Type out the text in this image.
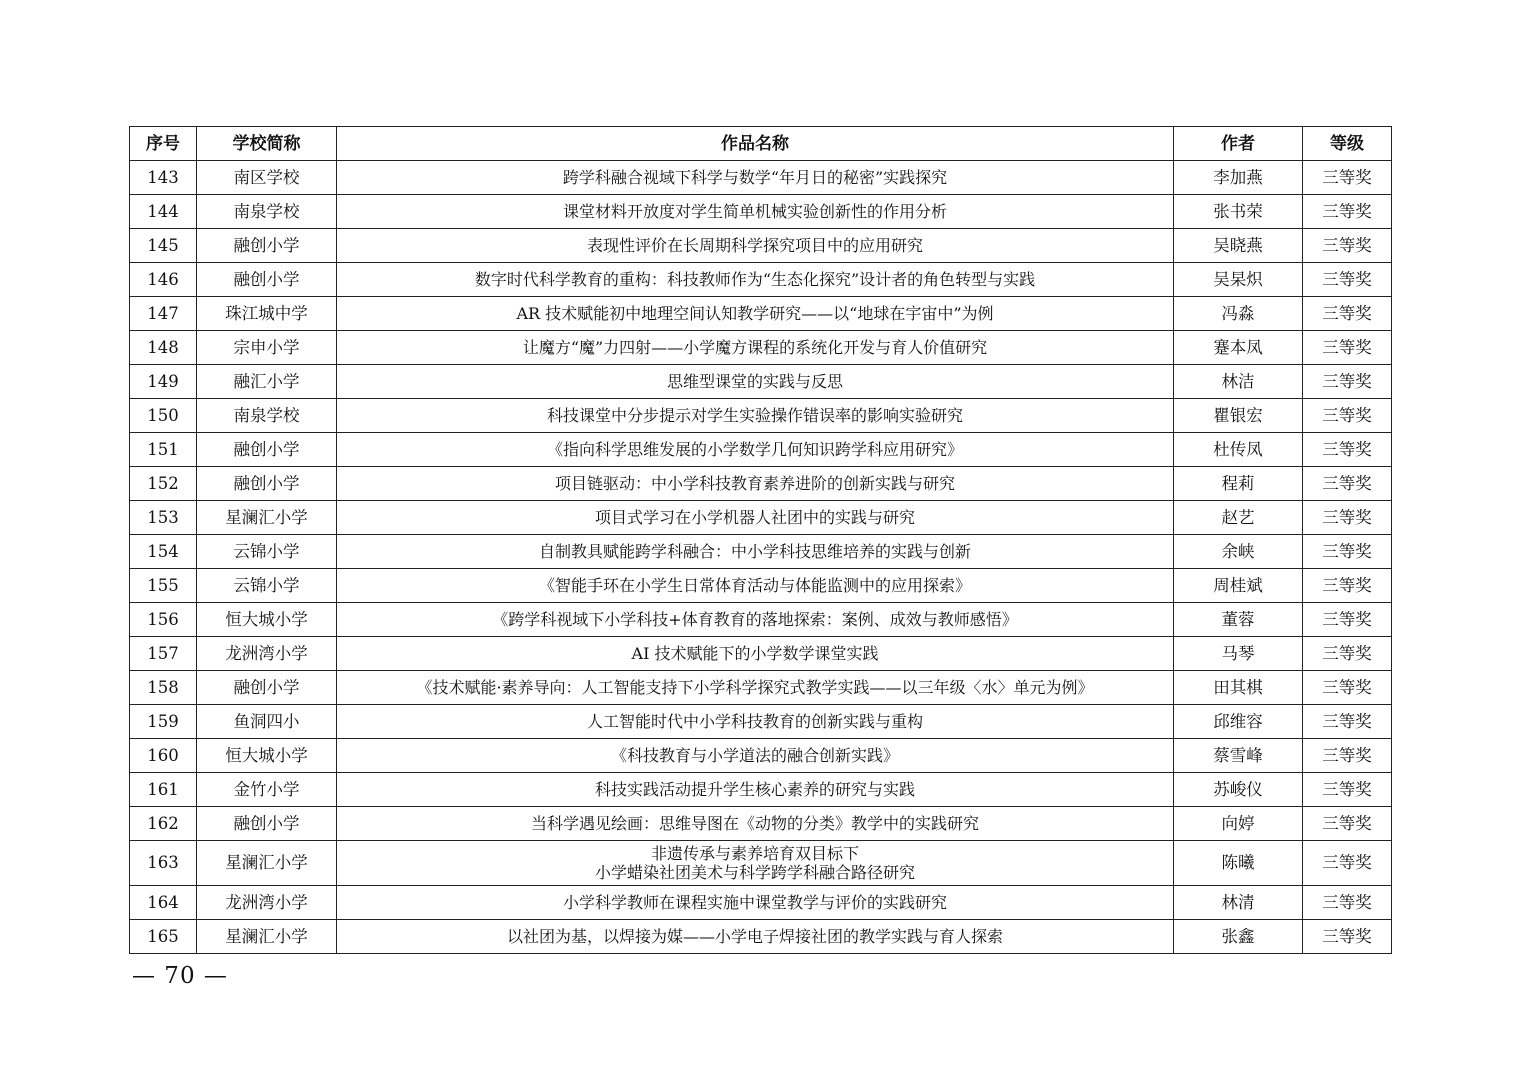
序号	学校简称	作品名称	作者	等级
143	南区学校	跨学科融合视域下科学与数学“年月日的秘密”实践探究	李加燕	三等奖
144	南泉学校	课堂材料开放度对学生简单机械实验创新性的作用分析	张书荣	三等奖
145	融创小学	表现性评价在长周期科学探究项目中的应用研究	吴晓燕	三等奖
146	融创小学	数字时代科学教育的重构：科技教师作为“生态化探究”设计者的角色转型与实践	吴杲炽	三等奖
147	珠江城中学	AR 技术赋能初中地理空间认知教学研究——以“地球在宇宙中”为例	冯淼	三等奖
148	宗申小学	让魔方“魔”力四射——小学魔方课程的系统化开发与育人价值研究	蹇本凤	三等奖
149	融汇小学	思维型课堂的实践与反思	林洁	三等奖
150	南泉学校	科技课堂中分步提示对学生实验操作错误率的影响实验研究	瞿银宏	三等奖
151	融创小学	《指向科学思维发展的小学数学几何知识跨学科应用研究》	杜传凤	三等奖
152	融创小学	项目链驱动：中小学科技教育素养进阶的创新实践与研究	程莉	三等奖
153	星澜汇小学	项目式学习在小学机器人社团中的实践与研究	赵艺	三等奖
154	云锦小学	自制教具赋能跨学科融合：中小学科技思维培养的实践与创新	余峡	三等奖
155	云锦小学	《智能手环在小学生日常体育活动与体能监测中的应用探索》	周桂斌	三等奖
156	恒大城小学	《跨学科视域下小学科技+体育教育的落地探索：案例、成效与教师感悟》	董蓉	三等奖
157	龙洲湾小学	AI 技术赋能下的小学数学课堂实践	马琴	三等奖
158	融创小学	《技术赋能·素养导向：人工智能支持下小学科学探究式教学实践——以三年级〈水〉单元为例》	田其棋	三等奖
159	鱼洞四小	人工智能时代中小学科技教育的创新实践与重构	邱维容	三等奖
160	恒大城小学	《科技教育与小学道法的融合创新实践》	蔡雪峰	三等奖
161	金竹小学	科技实践活动提升学生核心素养的研究与实践	苏峻仪	三等奖
162	融创小学	当科学遇见绘画：思维导图在《动物的分类》教学中的实践研究	向婷	三等奖
163	星澜汇小学	非遗传承与素养培育双目标下
小学蜡染社团美术与科学跨学科融合路径研究	陈曦	三等奖
164	龙洲湾小学	小学科学教师在课程实施中课堂教学与评价的实践研究	林清	三等奖
165	星澜汇小学	以社团为基，以焊接为媒——小学电子焊接社团的教学实践与育人探索	张鑫	三等奖
— 70 —
